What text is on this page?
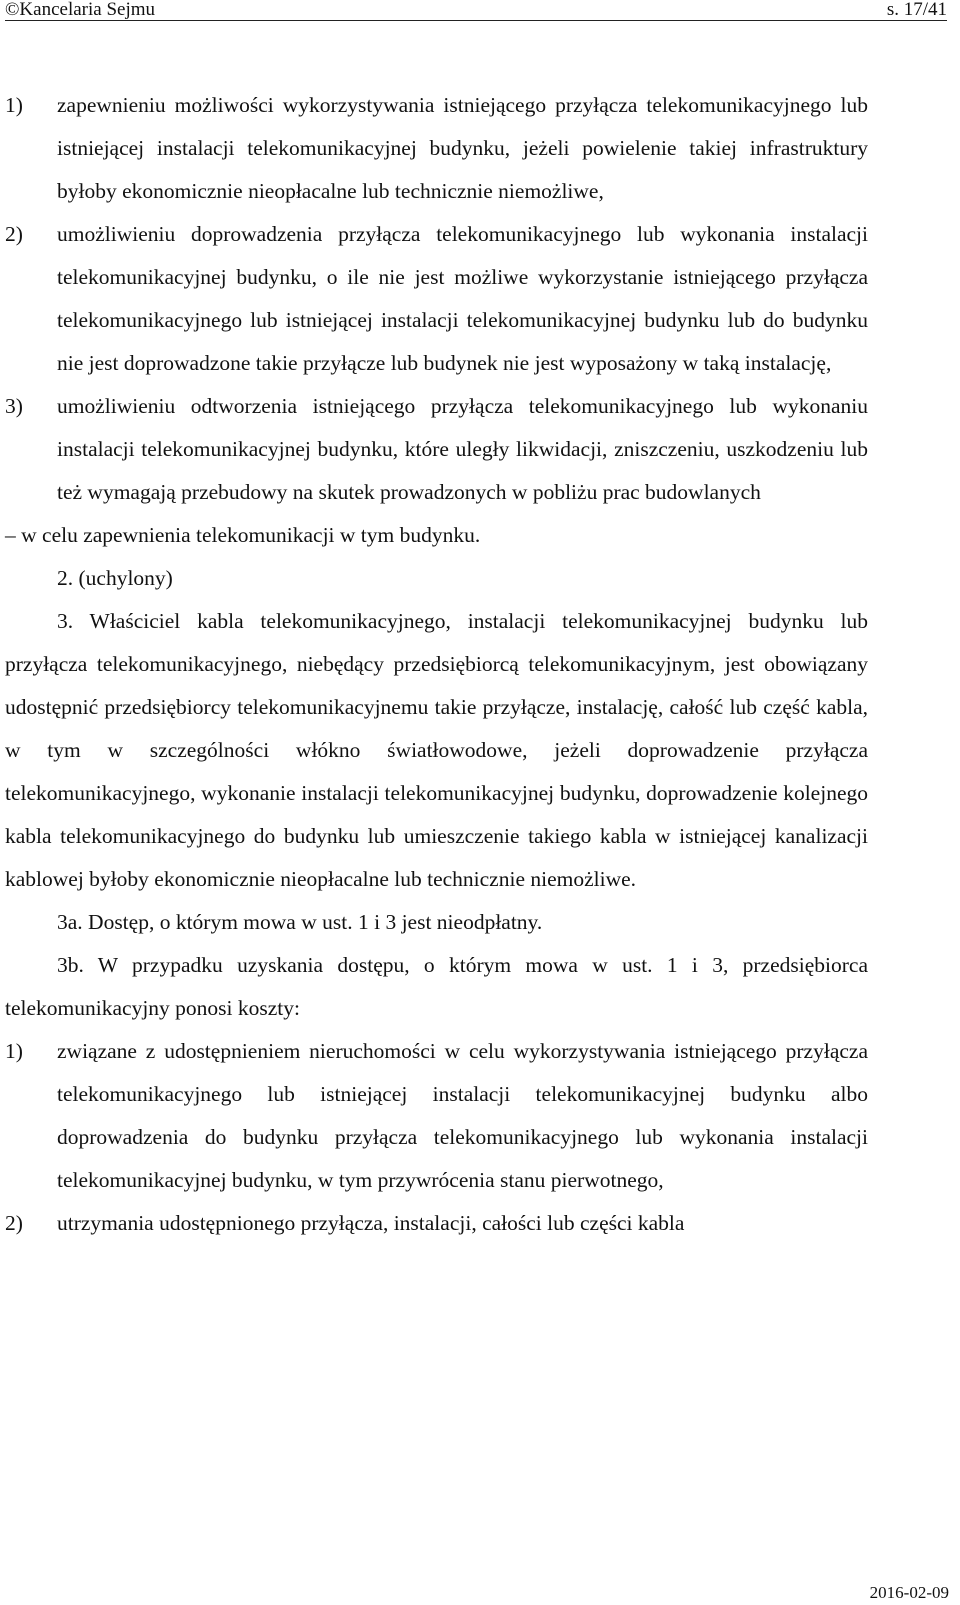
©Kancelaria Sejmu	s. 17/41
1)	zapewnieniu możliwości wykorzystywania istniejącego przyłącza telekomunikacyjnego lub istniejącej instalacji telekomunikacyjnej budynku, jeżeli powielenie takiej infrastruktury byłoby ekonomicznie nieopłacalne lub technicznie niemożliwe,
2)	umożliwieniu doprowadzenia przyłącza telekomunikacyjnego lub wykonania instalacji telekomunikacyjnej budynku, o ile nie jest możliwe wykorzystanie istniejącego przyłącza telekomunikacyjnego lub istniejącej instalacji telekomunikacyjnej budynku lub do budynku nie jest doprowadzone takie przyłącze lub budynek nie jest wyposażony w taką instalację,
3)	umożliwieniu odtworzenia istniejącego przyłącza telekomunikacyjnego lub wykonaniu instalacji telekomunikacyjnej budynku, które uległy likwidacji, zniszczeniu, uszkodzeniu lub też wymagają przebudowy na skutek prowadzonych w pobliżu prac budowlanych

– w celu zapewnienia telekomunikacji w tym budynku.

2. (uchylony)

3. Właściciel kabla telekomunikacyjnego, instalacji telekomunikacyjnej budynku lub przyłącza telekomunikacyjnego, niebędący przedsiębiorcą telekomunikacyjnym, jest obowiązany udostępnić przedsiębiorcy telekomunikacyjnemu takie przyłącze, instalację, całość lub część kabla, w tym w szczególności włókno światłowodowe, jeżeli doprowadzenie przyłącza telekomunikacyjnego, wykonanie instalacji telekomunikacyjnej budynku, doprowadzenie kolejnego kabla telekomunikacyjnego do budynku lub umieszczenie takiego kabla w istniejącej kanalizacji kablowej byłoby ekonomicznie nieopłacalne lub technicznie niemożliwe.

3a. Dostęp, o którym mowa w ust. 1 i 3 jest nieodpłatny.

3b. W przypadku uzyskania dostępu, o którym mowa w ust. 1 i 3, przedsiębiorca telekomunikacyjny ponosi koszty:

1)	związane z udostępnieniem nieruchomości w celu wykorzystywania istniejącego przyłącza telekomunikacyjnego lub istniejącej instalacji telekomunikacyjnej budynku albo doprowadzenia do budynku przyłącza telekomunikacyjnego lub wykonania instalacji telekomunikacyjnej budynku, w tym przywrócenia stanu pierwotnego,
2)	utrzymania udostępnionego przyłącza, instalacji, całości lub części kabla
2016-02-09
